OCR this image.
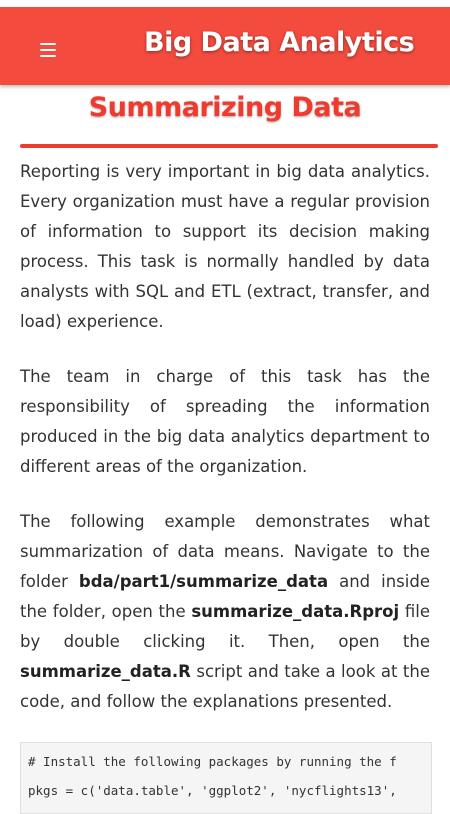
Big Data Analytics
Summarizing Data

Reporting is very important in big data analytics. Every organization must have a regular provision of information to support its decision making process. This task is normally handled by data analysts with SQL and ETL (extract, transfer, and load) experience.

The team in charge of this task has the responsibility of spreading the information produced in the big data analytics department to different areas of the organization.

The following example demonstrates what summarization of data means. Navigate to the folder bda/part1/summarize_data and inside the folder, open the summarize_data.Rproj file by double clicking it. Then, open the summarize_data.R script and take a look at the code, and follow the explanations presented.

# Install the following packages by running the f
pkgs = c('data.table', 'ggplot2', 'nycflights13',
